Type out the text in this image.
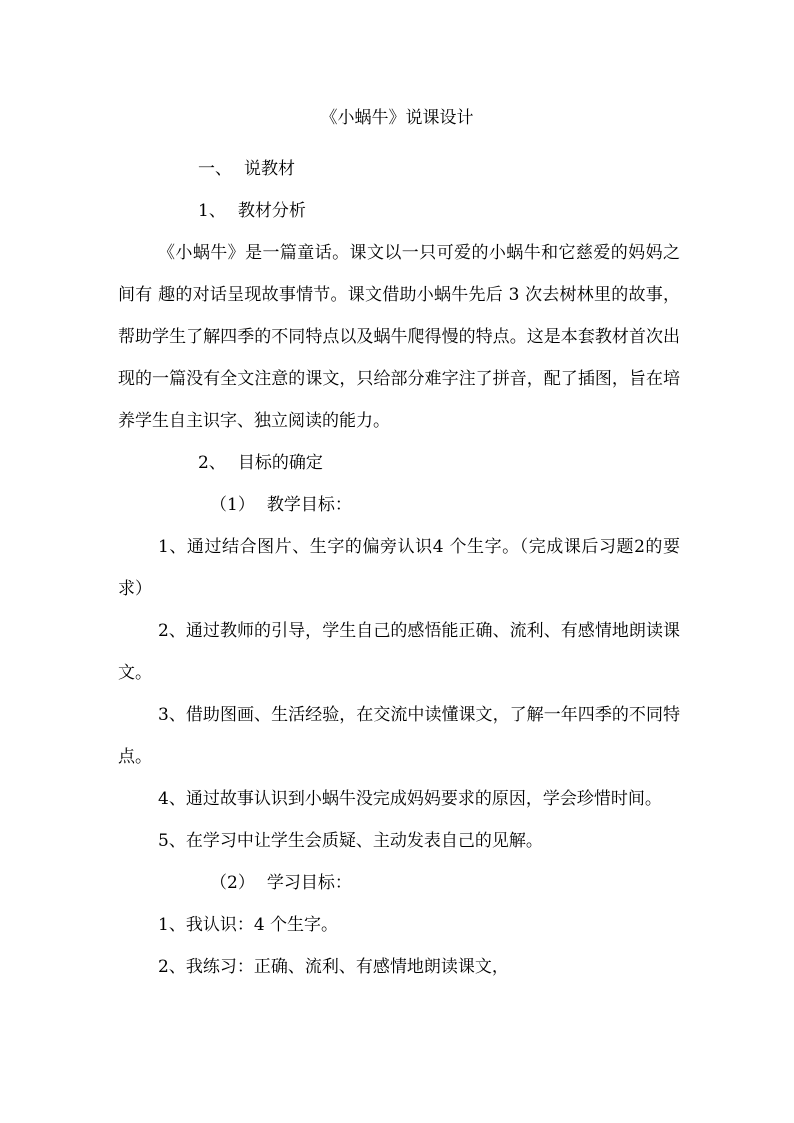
《小蜗牛》说课设计

一、 说教材

1、 教材分析

《小蜗牛》是一篇童话。课文以一只可爱的小蜗牛和它慈爱的妈妈之间有 趣的对话呈现故事情节。课文借助小蜗牛先后 3 次去树林里的故事，帮助学生了解四季的不同特点以及蜗牛爬得慢的特点。这是本套教材首次出现的一篇没有全文注意的课文，只给部分难字注了拼音，配了插图，旨在培养学生自主识字、独立阅读的能力。

2、 目标的确定

（1） 教学目标：

1、通过结合图片、生字的偏旁认识4 个生字。（完成课后习题2的要求）

2、通过教师的引导，学生自己的感悟能正确、流利、有感情地朗读课文。

3、借助图画、生活经验，在交流中读懂课文，了解一年四季的不同特点。

4、通过故事认识到小蜗牛没完成妈妈要求的原因，学会珍惜时间。

5、在学习中让学生会质疑、主动发表自己的见解。

（2） 学习目标：

1、我认识：4 个生字。

2、我练习：正确、流利、有感情地朗读课文，
